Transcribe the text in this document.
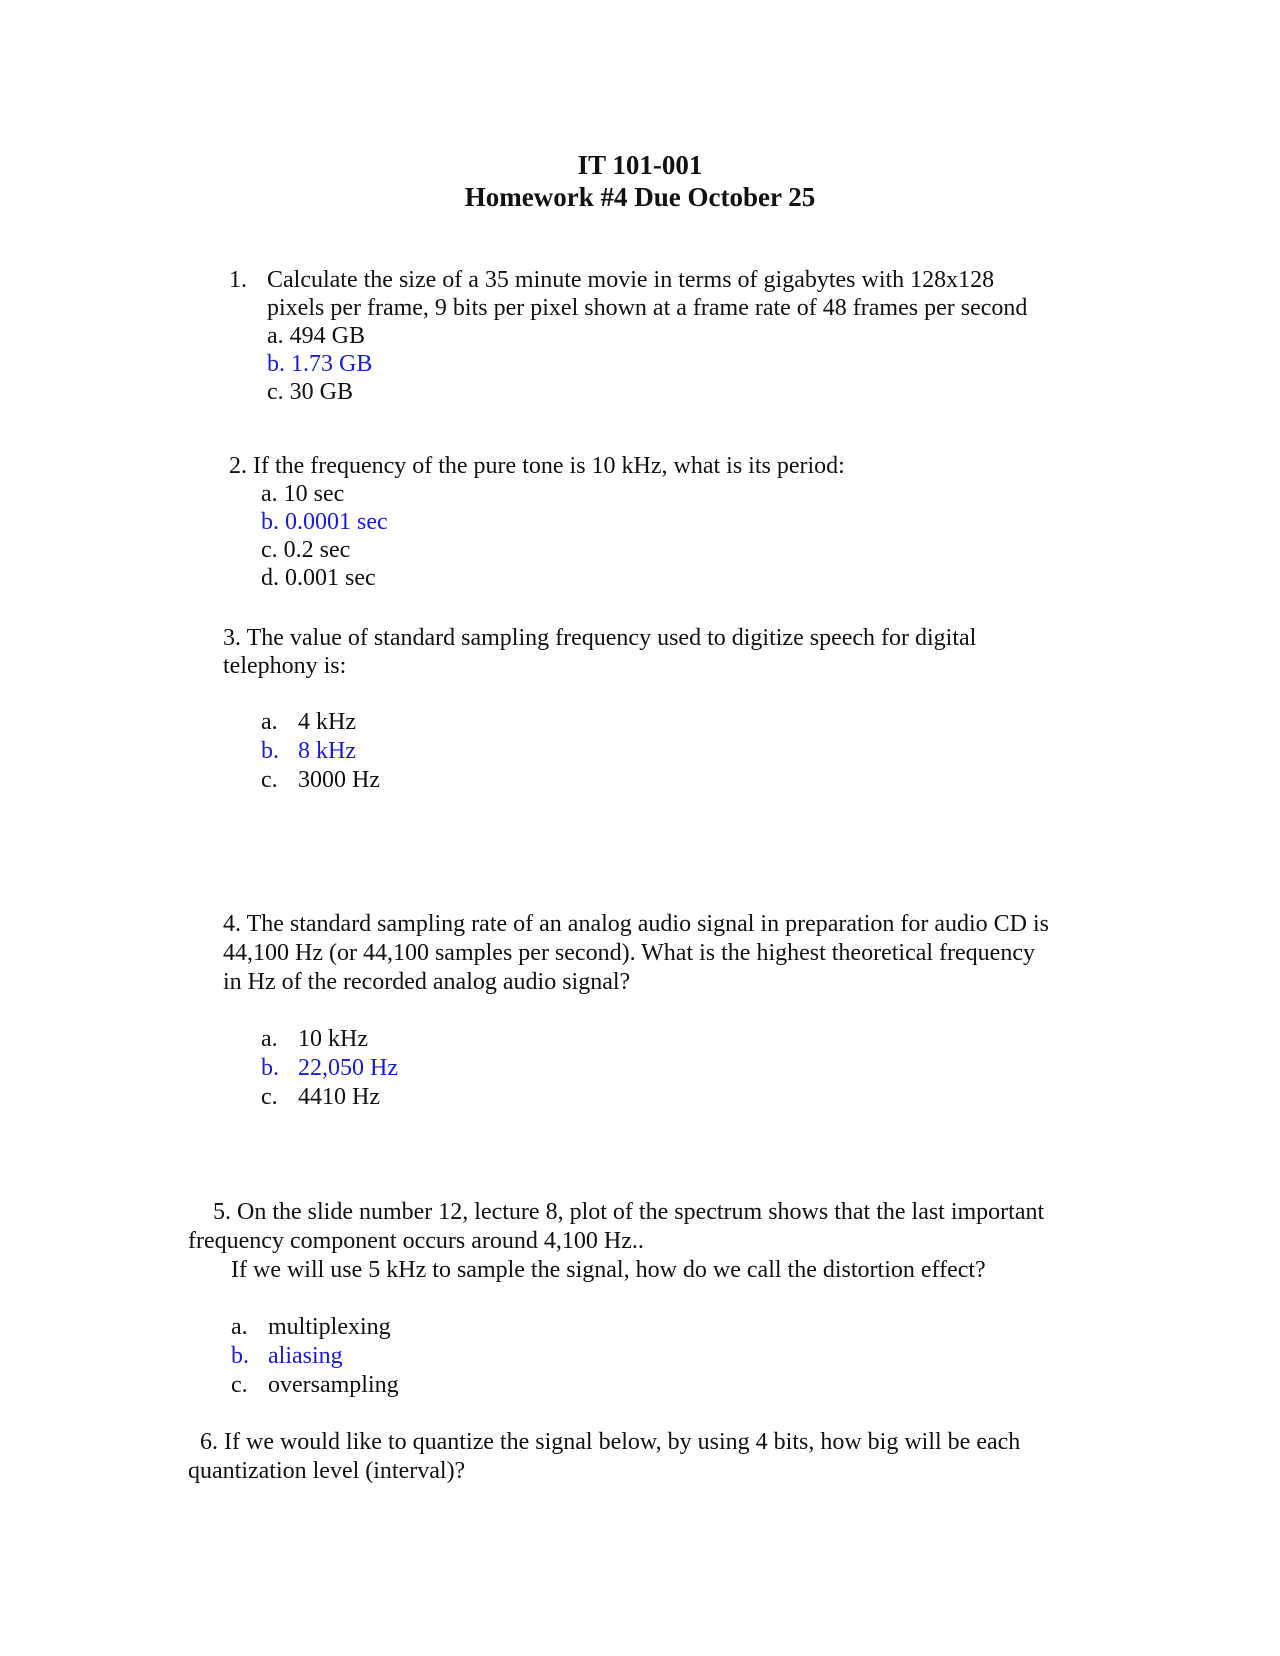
IT 101-001
Homework #4 Due October 25
1. Calculate the size of a 35 minute movie in terms of gigabytes with 128x128
pixels per frame, 9 bits per pixel shown at a frame rate of 48 frames per second
a. 494 GB
b. 1.73 GB
c. 30 GB
2. If the frequency of the pure tone is 10 kHz, what is its period:
a. 10 sec
b. 0.0001 sec
c. 0.2 sec
d. 0.001 sec
3. The value of standard sampling frequency used to digitize speech for digital
telephony is:
a. 4 kHz
b. 8 kHz
c. 3000 Hz
4. The standard sampling rate of an analog audio signal in preparation for audio CD is
44,100 Hz (or 44,100 samples per second). What is the highest theoretical frequency
in Hz of the recorded analog audio signal?
a. 10 kHz
b. 22,050 Hz
c. 4410 Hz
5. On the slide number 12, lecture 8, plot of the spectrum shows that the last important
frequency component occurs around 4,100 Hz..
If we will use 5 kHz to sample the signal, how do we call the distortion effect?
a. multiplexing
b. aliasing
c. oversampling
6. If we would like to quantize the signal below, by using 4 bits, how big will be each
quantization level (interval)?
